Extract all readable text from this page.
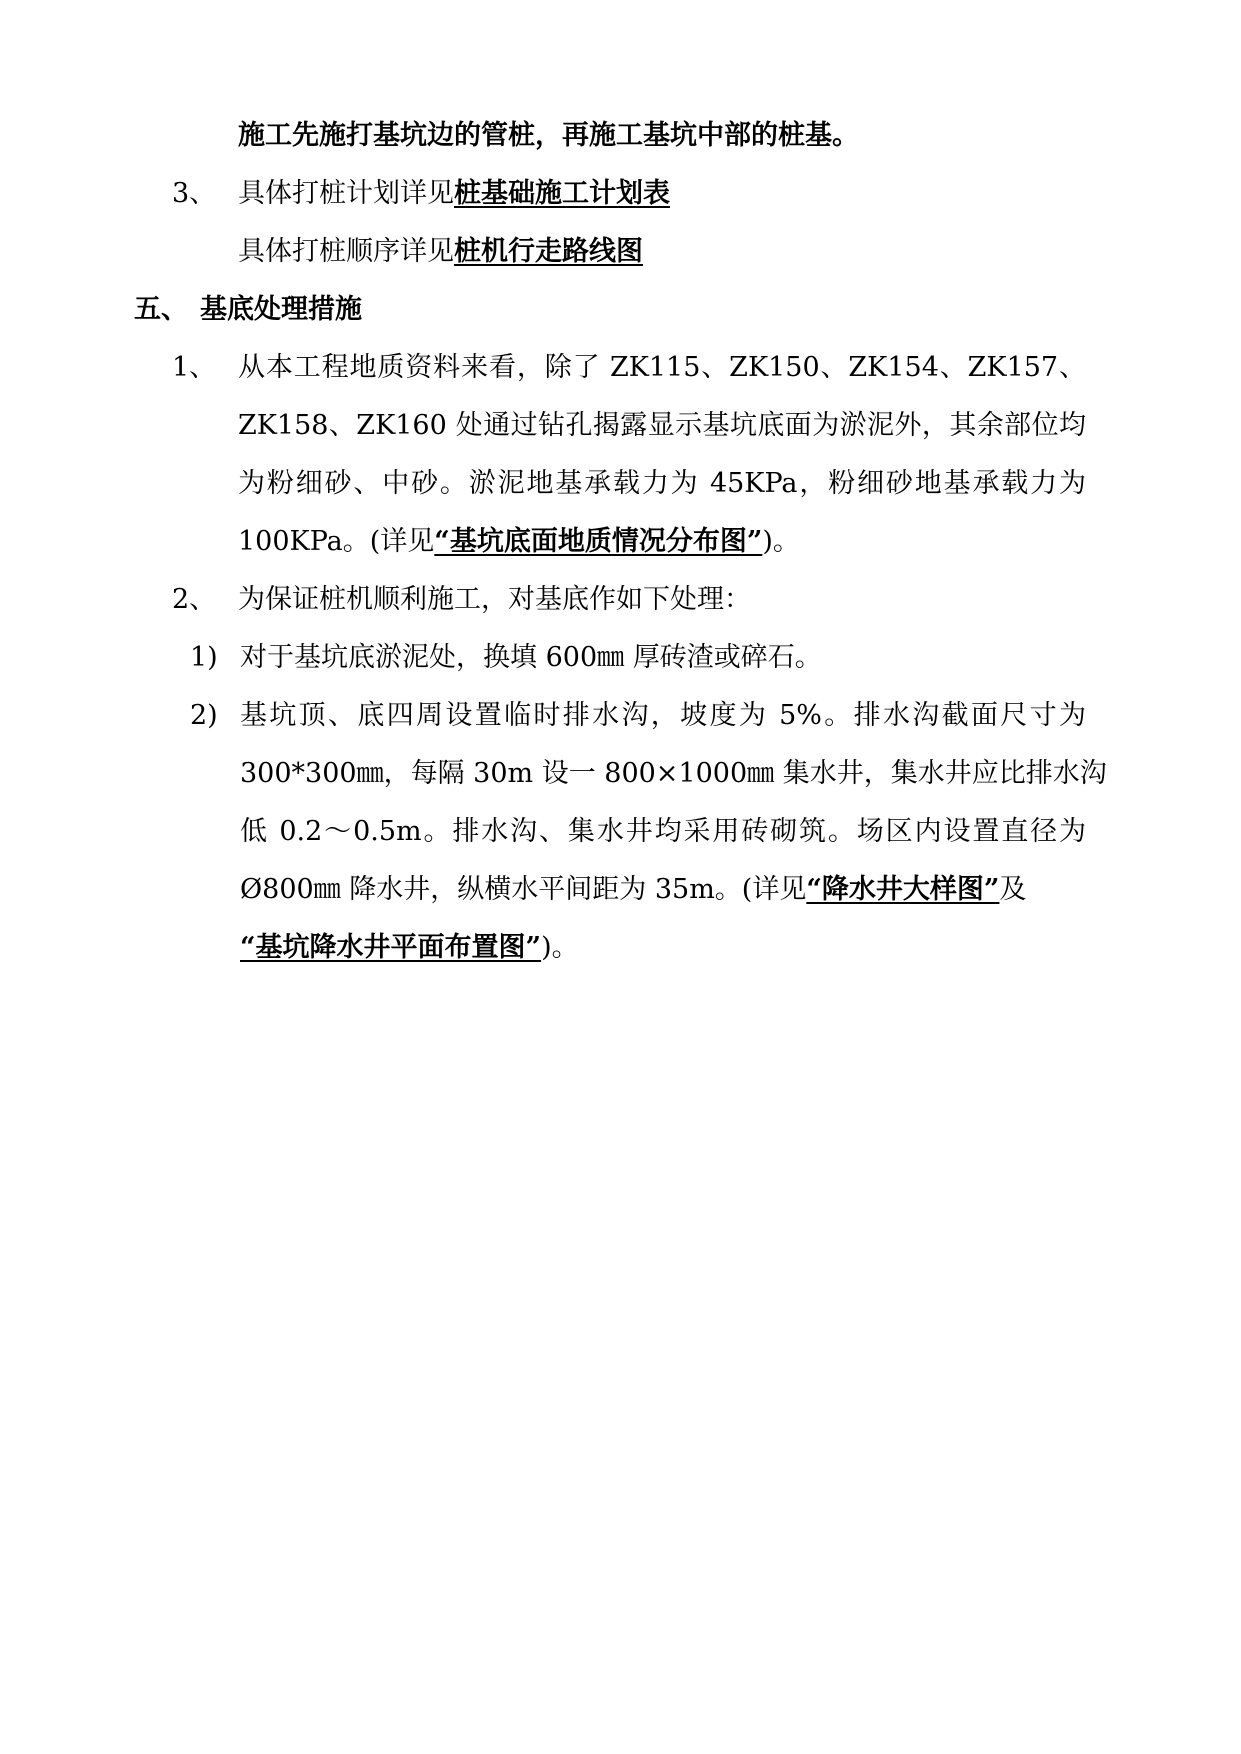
施工先施打基坑边的管桩，再施工基坑中部的桩基。
3、 具体打桩计划详见桩基础施工计划表
具体打桩顺序详见桩机行走路线图
五、 基底处理措施
1、 从本工程地质资料来看，除了 ZK115、ZK150、ZK154、ZK157、
ZK158、ZK160 处通过钻孔揭露显示基坑底面为淤泥外，其余部位均
为粉细砂、中砂。淤泥地基承载力为 45KPa，粉细砂地基承载力为
100KPa。(详见“基坑底面地质情况分布图”)。
2、 为保证桩机顺利施工，对基底作如下处理：
1) 对于基坑底淤泥处，换填 600㎜ 厚砖渣或碎石。
2) 基坑顶、底四周设置临时排水沟，坡度为 5%。排水沟截面尺寸为
300*300㎜，每隔 30m 设一 800×1000㎜ 集水井，集水井应比排水沟
低 0.2～0.5m。排水沟、集水井均采用砖砌筑。场区内设置直径为
Ø800㎜ 降水井，纵横水平间距为 35m。(详见“降水井大样图”及
“基坑降水井平面布置图”)。
